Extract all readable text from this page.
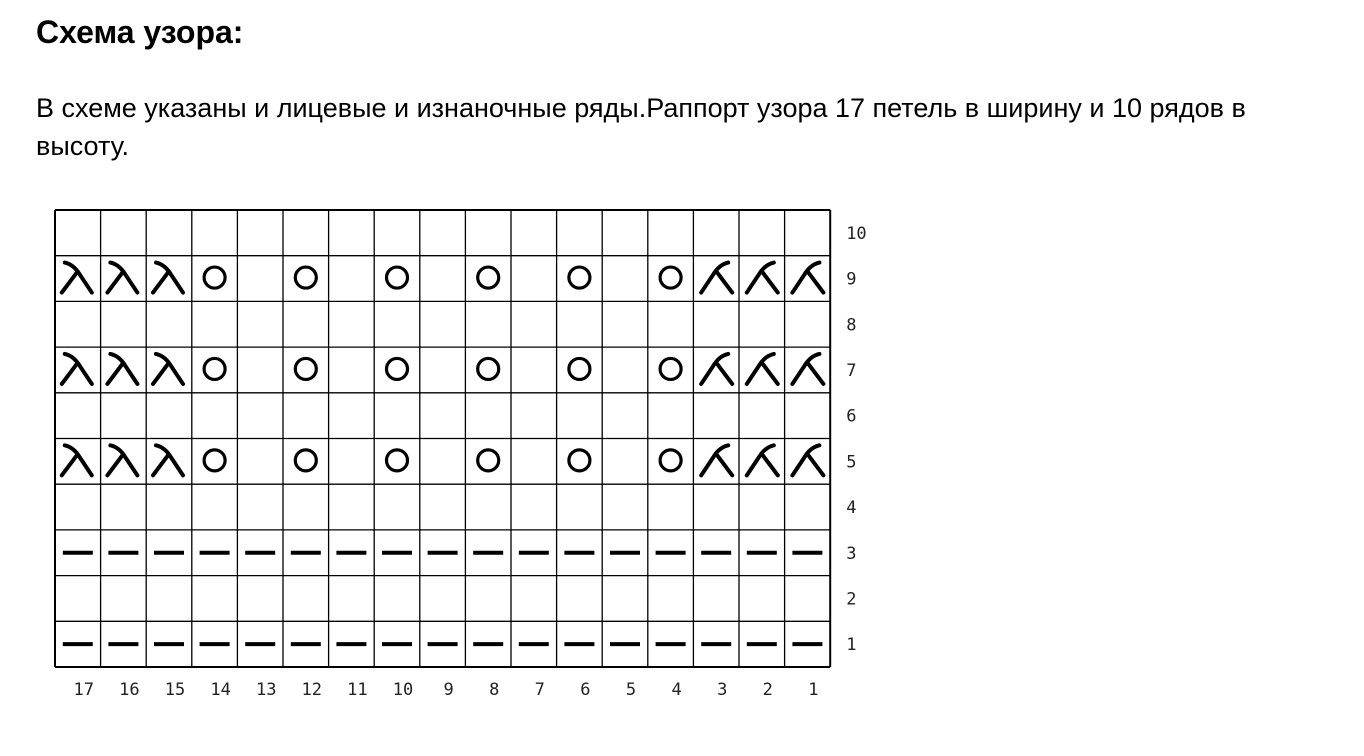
Схема узора:

В схеме указаны и лицевые и изнаночные ряды.Раппорт узора 17 петель в ширину и 10 рядов в высоту.

10
9
8
7
6
5
4
3
2
1
17 16 15 14 13 12 11 10 9 8 7 6 5 4 3 2 1
